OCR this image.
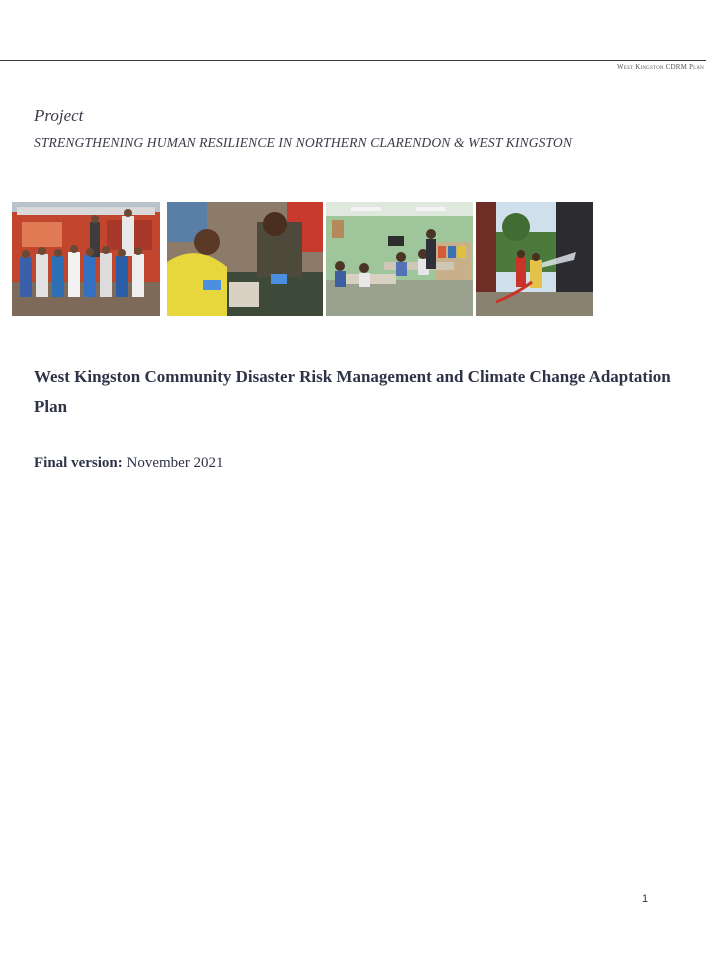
West Kingston CDRM Plan
Project
STRENGTHENING HUMAN RESILIENCE IN NORTHERN CLARENDON & WEST KINGSTON
West Kingston Community Disaster Risk Management and Climate Change Adaptation Plan
Final version: November 2021
1
